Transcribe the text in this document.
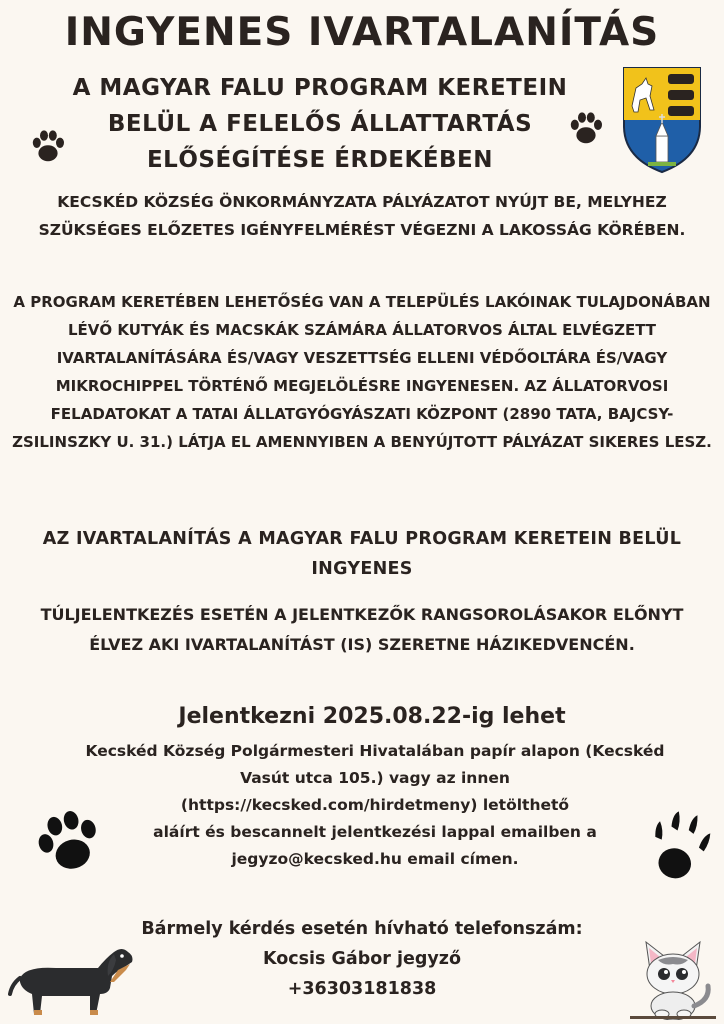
INGYENES IVARTALANÍTÁS
A MAGYAR FALU PROGRAM KERETEIN
BELÜL A FELELŐS ÁLLATTARTÁS
ELŐSÉGÍTÉSE ÉRDEKÉBEN
KECSKÉD KÖZSÉG ÖNKORMÁNYZATA PÁLYÁZATOT NYÚJT BE, MELYHEZ SZÜKSÉGES ELŐZETES IGÉNYFELMÉRÉST VÉGEZNI A LAKOSSÁG KÖRÉBEN.
A PROGRAM KERETÉBEN LEHETŐSÉG VAN A TELEPÜLÉS LAKÓINAK TULAJDONÁBAN LÉVŐ KUTYÁK ÉS MACSKÁK SZÁMÁRA ÁLLATORVOS ÁLTAL ELVÉGZETT IVARTALANÍTÁSÁRA ÉS/VAGY VESZETTSÉG ELLENI VÉDŐOLTÁRA ÉS/VAGY MIKROCHIPPEL TÖRTÉNŐ MEGJELÖLÉSRE INGYENESEN. AZ ÁLLATORVOSI FELADATOKAT A TATAI ÁLLATGYÓGYÁSZATI KÖZPONT (2890 TATA, BAJCSY-ZSILINSZKY U. 31.) LÁTJA EL AMENNYIBEN A BENYÚJTOTT PÁLYÁZAT SIKERES LESZ.
AZ IVARTALANÍTÁS A MAGYAR FALU PROGRAM KERETEIN BELÜL INGYENES
TÚLJELENTKEZÉS ESETÉN A JELENTKEZŐK RANGSOROLÁSAKOR ELŐNYT ÉLVEZ AKI IVARTALANÍTÁST (IS) SZERETNE HÁZIKEDVENCÉN.
Jelentkezni 2025.08.22-ig lehet
Kecskéd Község Polgármesteri Hivatalában papír alapon (Kecskéd
Vasút utca 105.) vagy az innen
(https://kecsked.com/hirdetmeny) letölthető
aláírt és bescannelt jelentkezési lappal emailben a
jegyzo@kecsked.hu email címen.
Bármely kérdés esetén hívható telefonszám:
Kocsis Gábor jegyző
+36303181838
